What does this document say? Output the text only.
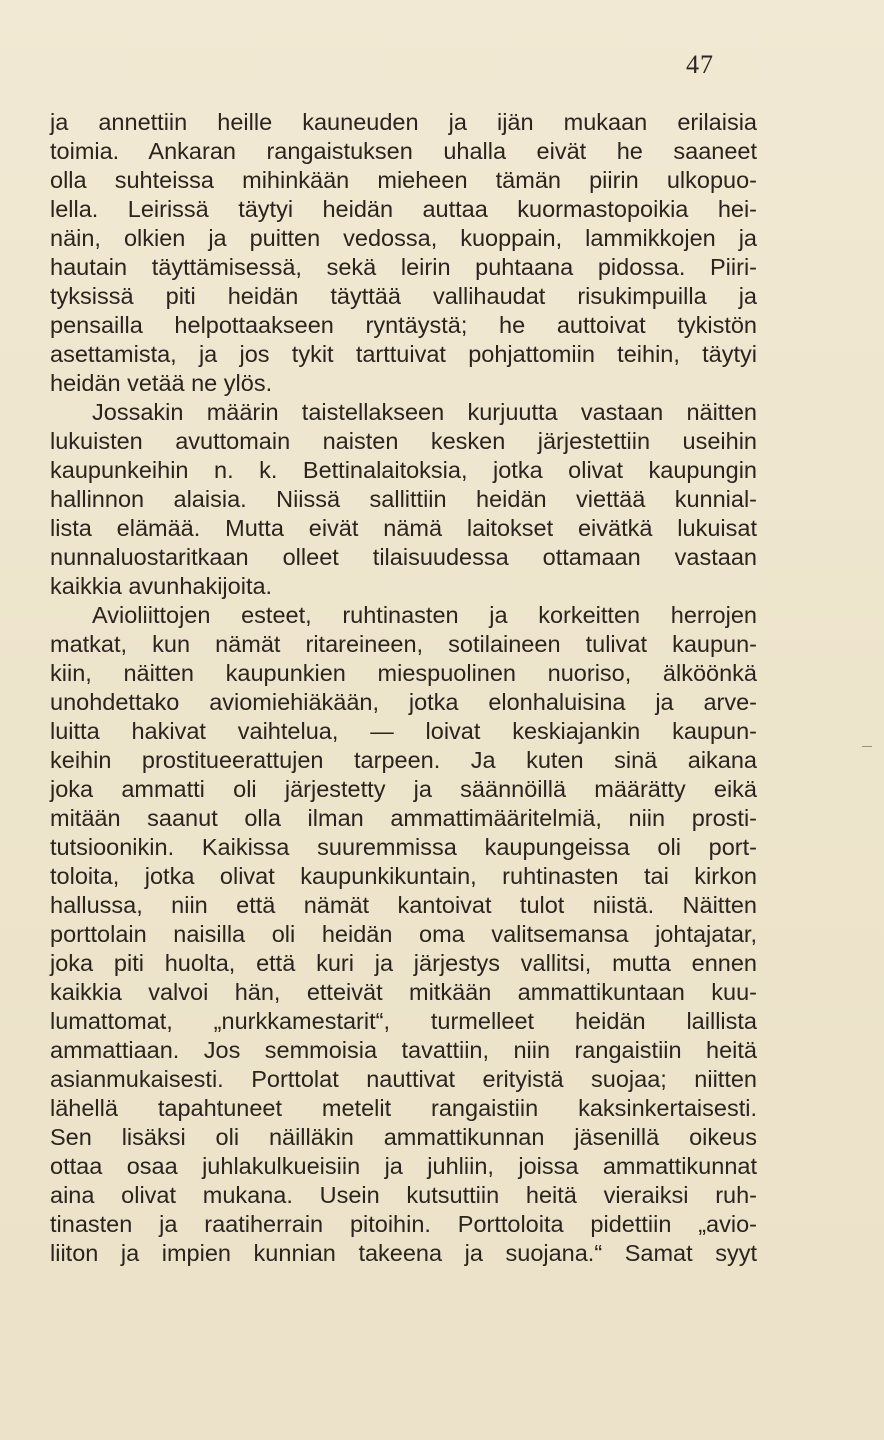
47
ja annettiin heille kauneuden ja ijän mukaan erilaisia
toimia. Ankaran rangaistuksen uhalla eivät he saaneet
olla suhteissa mihinkään mieheen tämän piirin ulkopuo-
lella. Leirissä täytyi heidän auttaa kuormastopoikia hei-
näin, olkien ja puitten vedossa, kuoppain, lammikkojen ja
hautain täyttämisessä, sekä leirin puhtaana pidossa. Piiri-
tyksissä piti heidän täyttää vallihaudat risukimpuilla ja
pensailla helpottaakseen ryntäystä; he auttoivat tykistön
asettamista, ja jos tykit tarttuivat pohjattomiin teihin, täytyi
heidän vetää ne ylös.
Jossakin määrin taistellakseen kurjuutta vastaan näitten
lukuisten avuttomain naisten kesken järjestettiin useihin
kaupunkeihin n. k. Bettinalaitoksia, jotka olivat kaupungin
hallinnon alaisia. Niissä sallittiin heidän viettää kunnial-
lista elämää. Mutta eivät nämä laitokset eivätkä lukuisat
nunnaluostaritkaan olleet tilaisuudessa ottamaan vastaan
kaikkia avunhakijoita.
Avioliittojen esteet, ruhtinasten ja korkeitten herrojen
matkat, kun nämät ritareineen, sotilaineen tulivat kaupun-
kiin, näitten kaupunkien miespuolinen nuoriso, älköönkä
unohdettako aviomiehiäkään, jotka elonhaluisina ja arve-
luitta hakivat vaihtelua, — loivat keskiajankin kaupun-
keihin prostitueerattujen tarpeen. Ja kuten sinä aikana
joka ammatti oli järjestetty ja säännöillä määrätty eikä
mitään saanut olla ilman ammattimääritelmiä, niin prosti-
tutsioonikin. Kaikissa suuremmissa kaupungeissa oli port-
toloita, jotka olivat kaupunkikuntain, ruhtinasten tai kirkon
hallussa, niin että nämät kantoivat tulot niistä. Näitten
porttolain naisilla oli heidän oma valitsemansa johtajatar,
joka piti huolta, että kuri ja järjestys vallitsi, mutta ennen
kaikkia valvoi hän, etteivät mitkään ammattikuntaan kuu-
lumattomat, „nurkkamestarit“, turmelleet heidän laillista
ammattiaan. Jos semmoisia tavattiin, niin rangaistiin heitä
asianmukaisesti. Porttolat nauttivat erityistä suojaa; niitten
lähellä tapahtuneet metelit rangaistiin kaksinkertaisesti.
Sen lisäksi oli näilläkin ammattikunnan jäsenillä oikeus
ottaa osaa juhlakulkueisiin ja juhliin, joissa ammattikunnat
aina olivat mukana. Usein kutsuttiin heitä vieraiksi ruh-
tinasten ja raatiherrain pitoihin. Porttoloita pidettiin „avio-
liiton ja impien kunnian takeena ja suojana.“ Samat syyt
